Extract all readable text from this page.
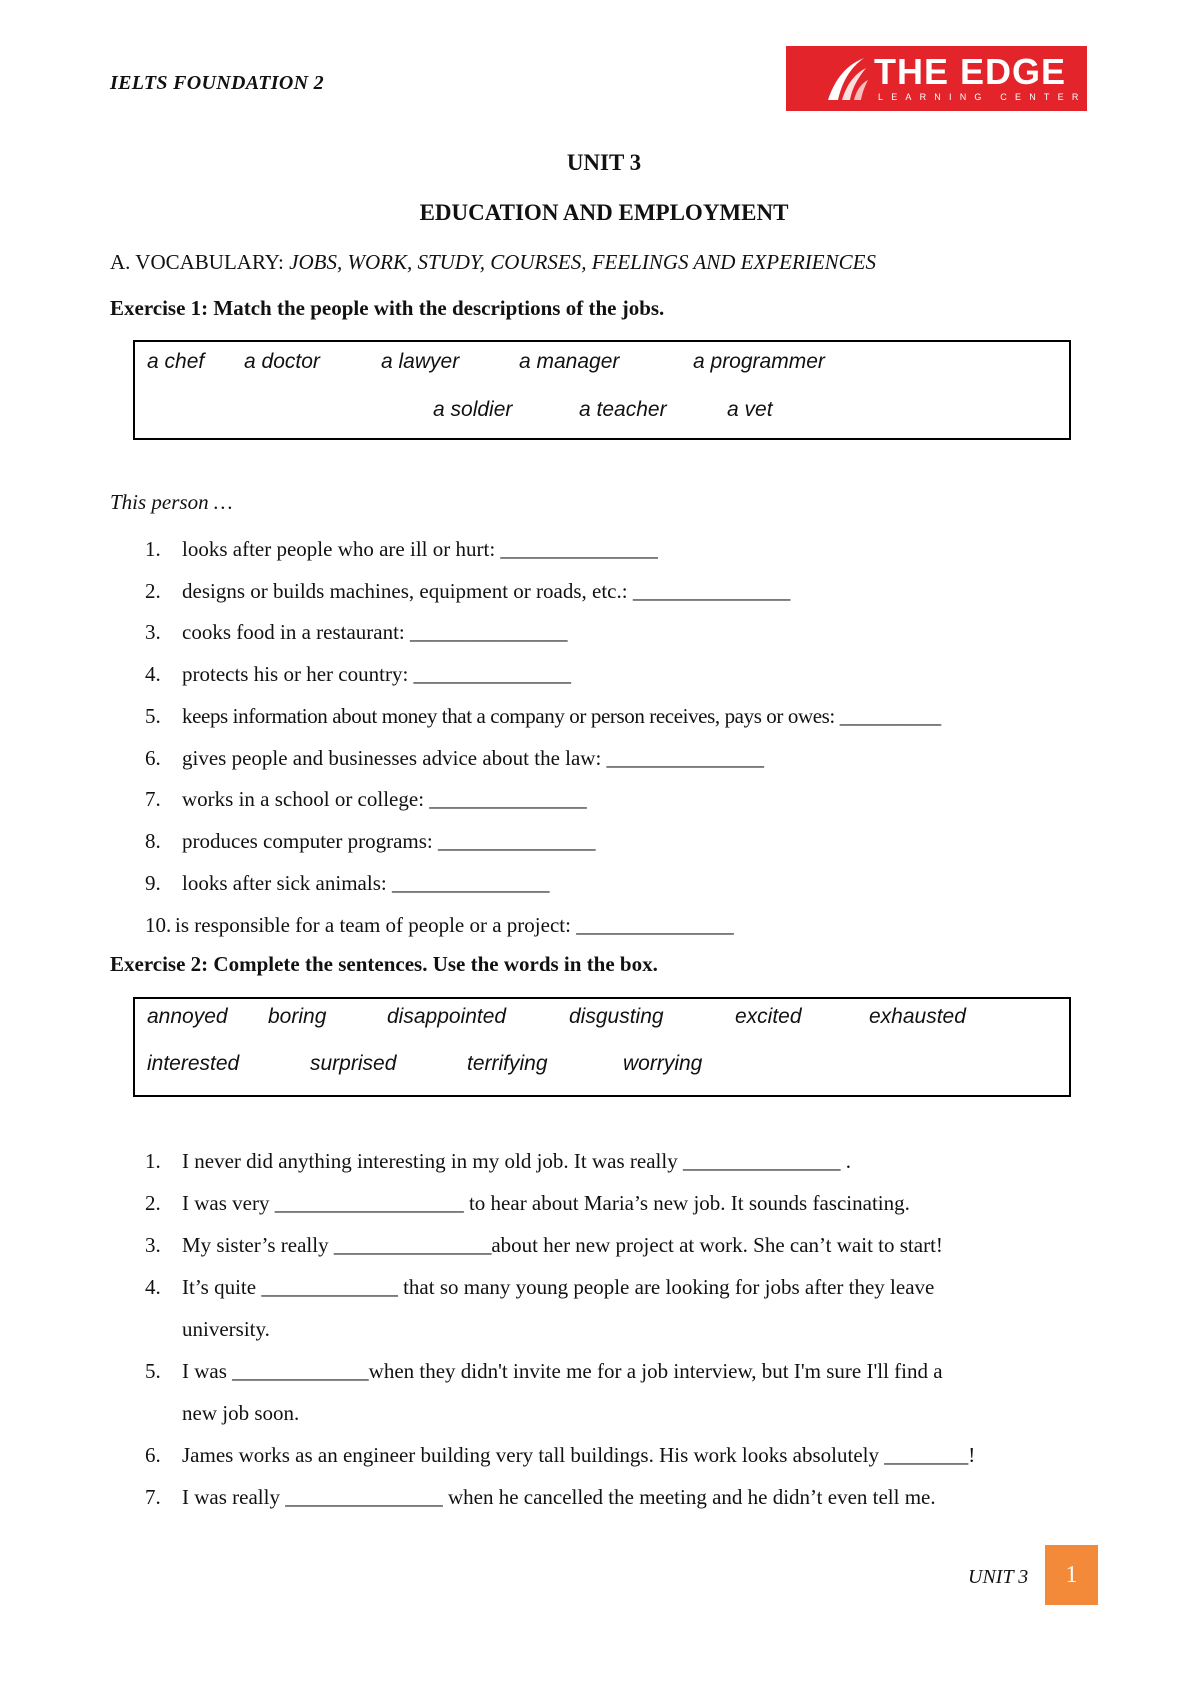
IELTS FOUNDATION 2	THE EDGE
LEARNING CENTER
UNIT 3
EDUCATION AND EMPLOYMENT
A. VOCABULARY: JOBS, WORK, STUDY, COURSES, FEELINGS AND EXPERIENCES
Exercise 1: Match the people with the descriptions of the jobs.
a chef a doctor	a lawyer	a manager	a programmer
a soldier	a teacher	a vet
This person …
1. looks after people who are ill or hurt: _______________
2. designs or builds machines, equipment or roads, etc.: _______________
3. cooks food in a restaurant: _______________
4. protects his or her country: _______________
5. keeps information about money that a company or person receives, pays or owes: __________
6. gives people and businesses advice about the law: _______________
7. works in a school or college: _______________
8. produces computer programs: _______________
9. looks after sick animals: _______________
10. is responsible for a team of people or a project: _______________
Exercise 2: Complete the sentences. Use the words in the box.
annoyed boring	disappointed	disgusting	excited	exhausted
interested	surprised	terrifying	worrying
1. I never did anything interesting in my old job. It was really _______________ .
2. I was very __________________ to hear about Maria’s new job. It sounds fascinating.
3. My sister’s really _______________about her new project at work. She can’t wait to start!
4. It’s quite _____________ that so many young people are looking for jobs after they leave
university.
5. I was _____________when they didn't invite me for a job interview, but I'm sure I'll find a
new job soon.
6. James works as an engineer building very tall buildings. His work looks absolutely ________!
7. I was really _______________ when he cancelled the meeting and he didn’t even tell me.
UNIT 3	1
